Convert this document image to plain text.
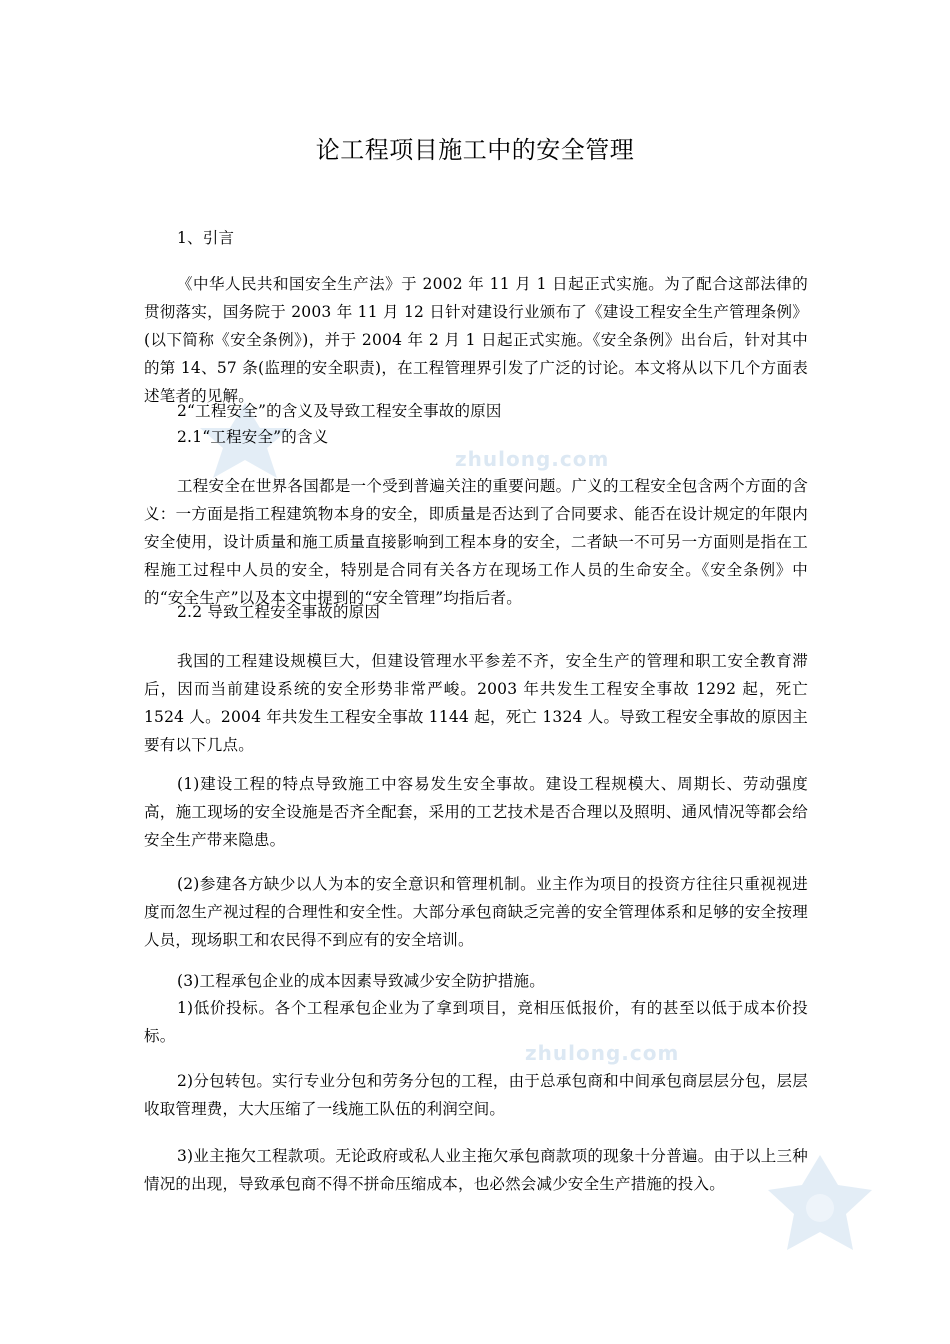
zhulong.com
zhulong.com
论工程项目施工中的安全管理

1、引言

《中华人民共和国安全生产法》于 2002 年 11 月 1 日起正式实施。为了配合这部法律的贯彻落实，国务院于 2003 年 11 月 12 日针对建设行业颁布了《建设工程安全生产管理条例》(以下简称《安全条例》)，并于 2004 年 2 月 1 日起正式实施。《安全条例》出台后，针对其中的第 14、57 条(监理的安全职责)，在工程管理界引发了广泛的讨论。本文将从以下几个方面表述笔者的见解。

2“工程安全”的含义及导致工程安全事故的原因

2.1“工程安全”的含义

工程安全在世界各国都是一个受到普遍关注的重要问题。广义的工程安全包含两个方面的含义：一方面是指工程建筑物本身的安全，即质量是否达到了合同要求、能否在设计规定的年限内安全使用，设计质量和施工质量直接影响到工程本身的安全，二者缺一不可另一方面则是指在工程施工过程中人员的安全，特别是合同有关各方在现场工作人员的生命安全。《安全条例》中的“安全生产”以及本文中提到的“安全管理”均指后者。

2.2 导致工程安全事故的原因

我国的工程建设规模巨大，但建设管理水平参差不齐，安全生产的管理和职工安全教育滞后，因而当前建设系统的安全形势非常严峻。2003 年共发生工程安全事故 1292 起，死亡 1524 人。2004 年共发生工程安全事故 1144 起，死亡 1324 人。导致工程安全事故的原因主要有以下几点。

(1)建设工程的特点导致施工中容易发生安全事故。建设工程规模大、周期长、劳动强度高，施工现场的安全设施是否齐全配套，采用的工艺技术是否合理以及照明、通风情况等都会给安全生产带来隐患。

(2)参建各方缺少以人为本的安全意识和管理机制。业主作为项目的投资方往往只重视视进度而忽生产视过程的合理性和安全性。大部分承包商缺乏完善的安全管理体系和足够的安全按理人员，现场职工和农民得不到应有的安全培训。

(3)工程承包企业的成本因素导致减少安全防护措施。

1)低价投标。各个工程承包企业为了拿到项目，竞相压低报价，有的甚至以低于成本价投标。

2)分包转包。实行专业分包和劳务分包的工程，由于总承包商和中间承包商层层分包，层层收取管理费，大大压缩了一线施工队伍的利润空间。

3)业主拖欠工程款项。无论政府或私人业主拖欠承包商款项的现象十分普遍。由于以上三种情况的出现，导致承包商不得不拼命压缩成本，也必然会减少安全生产措施的投入。
